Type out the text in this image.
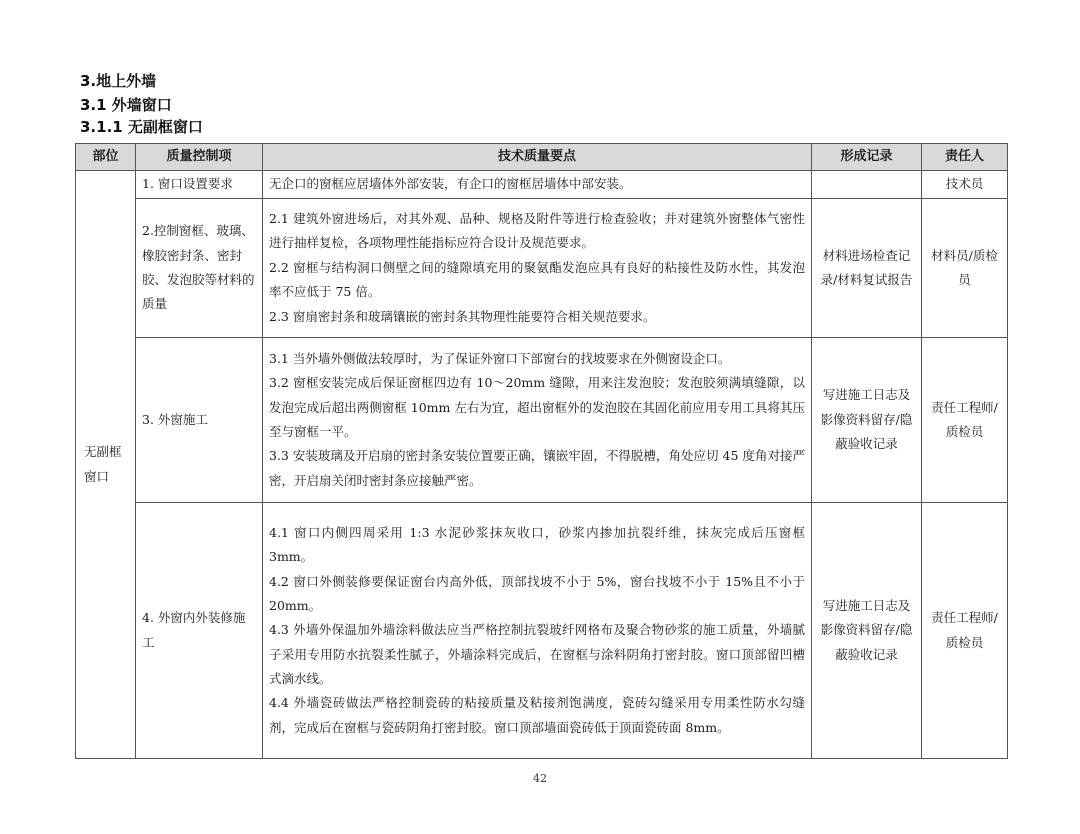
3.地上外墙
3.1 外墙窗口
3.1.1 无副框窗口
部位	质量控制项	技术质量要点	形成记录	责任人
无副框窗口	1. 窗口设置要求	无企口的窗框应居墙体外部安装，有企口的窗框居墙体中部安装。		技术员
	2.控制窗框、玻璃、橡胶密封条、密封胶、发泡胶等材料的质量	2.1 建筑外窗进场后，对其外观、品种、规格及附件等进行检查验收；并对建筑外窗整体气密性进行抽样复检，各项物理性能指标应符合设计及规范要求。
2.2 窗框与结构洞口侧壁之间的缝隙填充用的聚氨酯发泡应具有良好的粘接性及防水性，其发泡率不应低于 75 倍。
2.3 窗扇密封条和玻璃镶嵌的密封条其物理性能要符合相关规范要求。	材料进场检查记录/材料复试报告	材料员/质检员
	3. 外窗施工	3.1 当外墙外侧做法较厚时，为了保证外窗口下部窗台的找坡要求在外侧窗设企口。
3.2 窗框安装完成后保证窗框四边有 10～20mm 缝隙，用来注发泡胶；发泡胶须满填缝隙，以发泡完成后超出两侧窗框 10mm 左右为宜，超出窗框外的发泡胶在其固化前应用专用工具将其压至与窗框一平。
3.3 安装玻璃及开启扇的密封条安装位置要正确，镶嵌牢固，不得脱槽，角处应切 45 度角对接严密，开启扇关闭时密封条应接触严密。	写进施工日志及影像资料留存/隐蔽验收记录	责任工程师/质检员
	4. 外窗内外装修施工	4.1 窗口内侧四周采用 1:3 水泥砂浆抹灰收口，砂浆内掺加抗裂纤维，抹灰完成后压窗框 3mm。
4.2 窗口外侧装修要保证窗台内高外低，顶部找坡不小于 5%，窗台找坡不小于 15%且不小于 20mm。
4.3 外墙外保温加外墙涂料做法应当严格控制抗裂玻纤网格布及聚合物砂浆的施工质量，外墙腻子采用专用防水抗裂柔性腻子，外墙涂料完成后，在窗框与涂料阴角打密封胶。窗口顶部留凹槽式滴水线。
4.4 外墙瓷砖做法严格控制瓷砖的粘接质量及粘接剂饱满度，瓷砖勾缝采用专用柔性防水勾缝剂，完成后在窗框与瓷砖阴角打密封胶。窗口顶部墙面瓷砖低于顶面瓷砖面 8mm。	写进施工日志及影像资料留存/隐蔽验收记录	责任工程师/质检员
42
